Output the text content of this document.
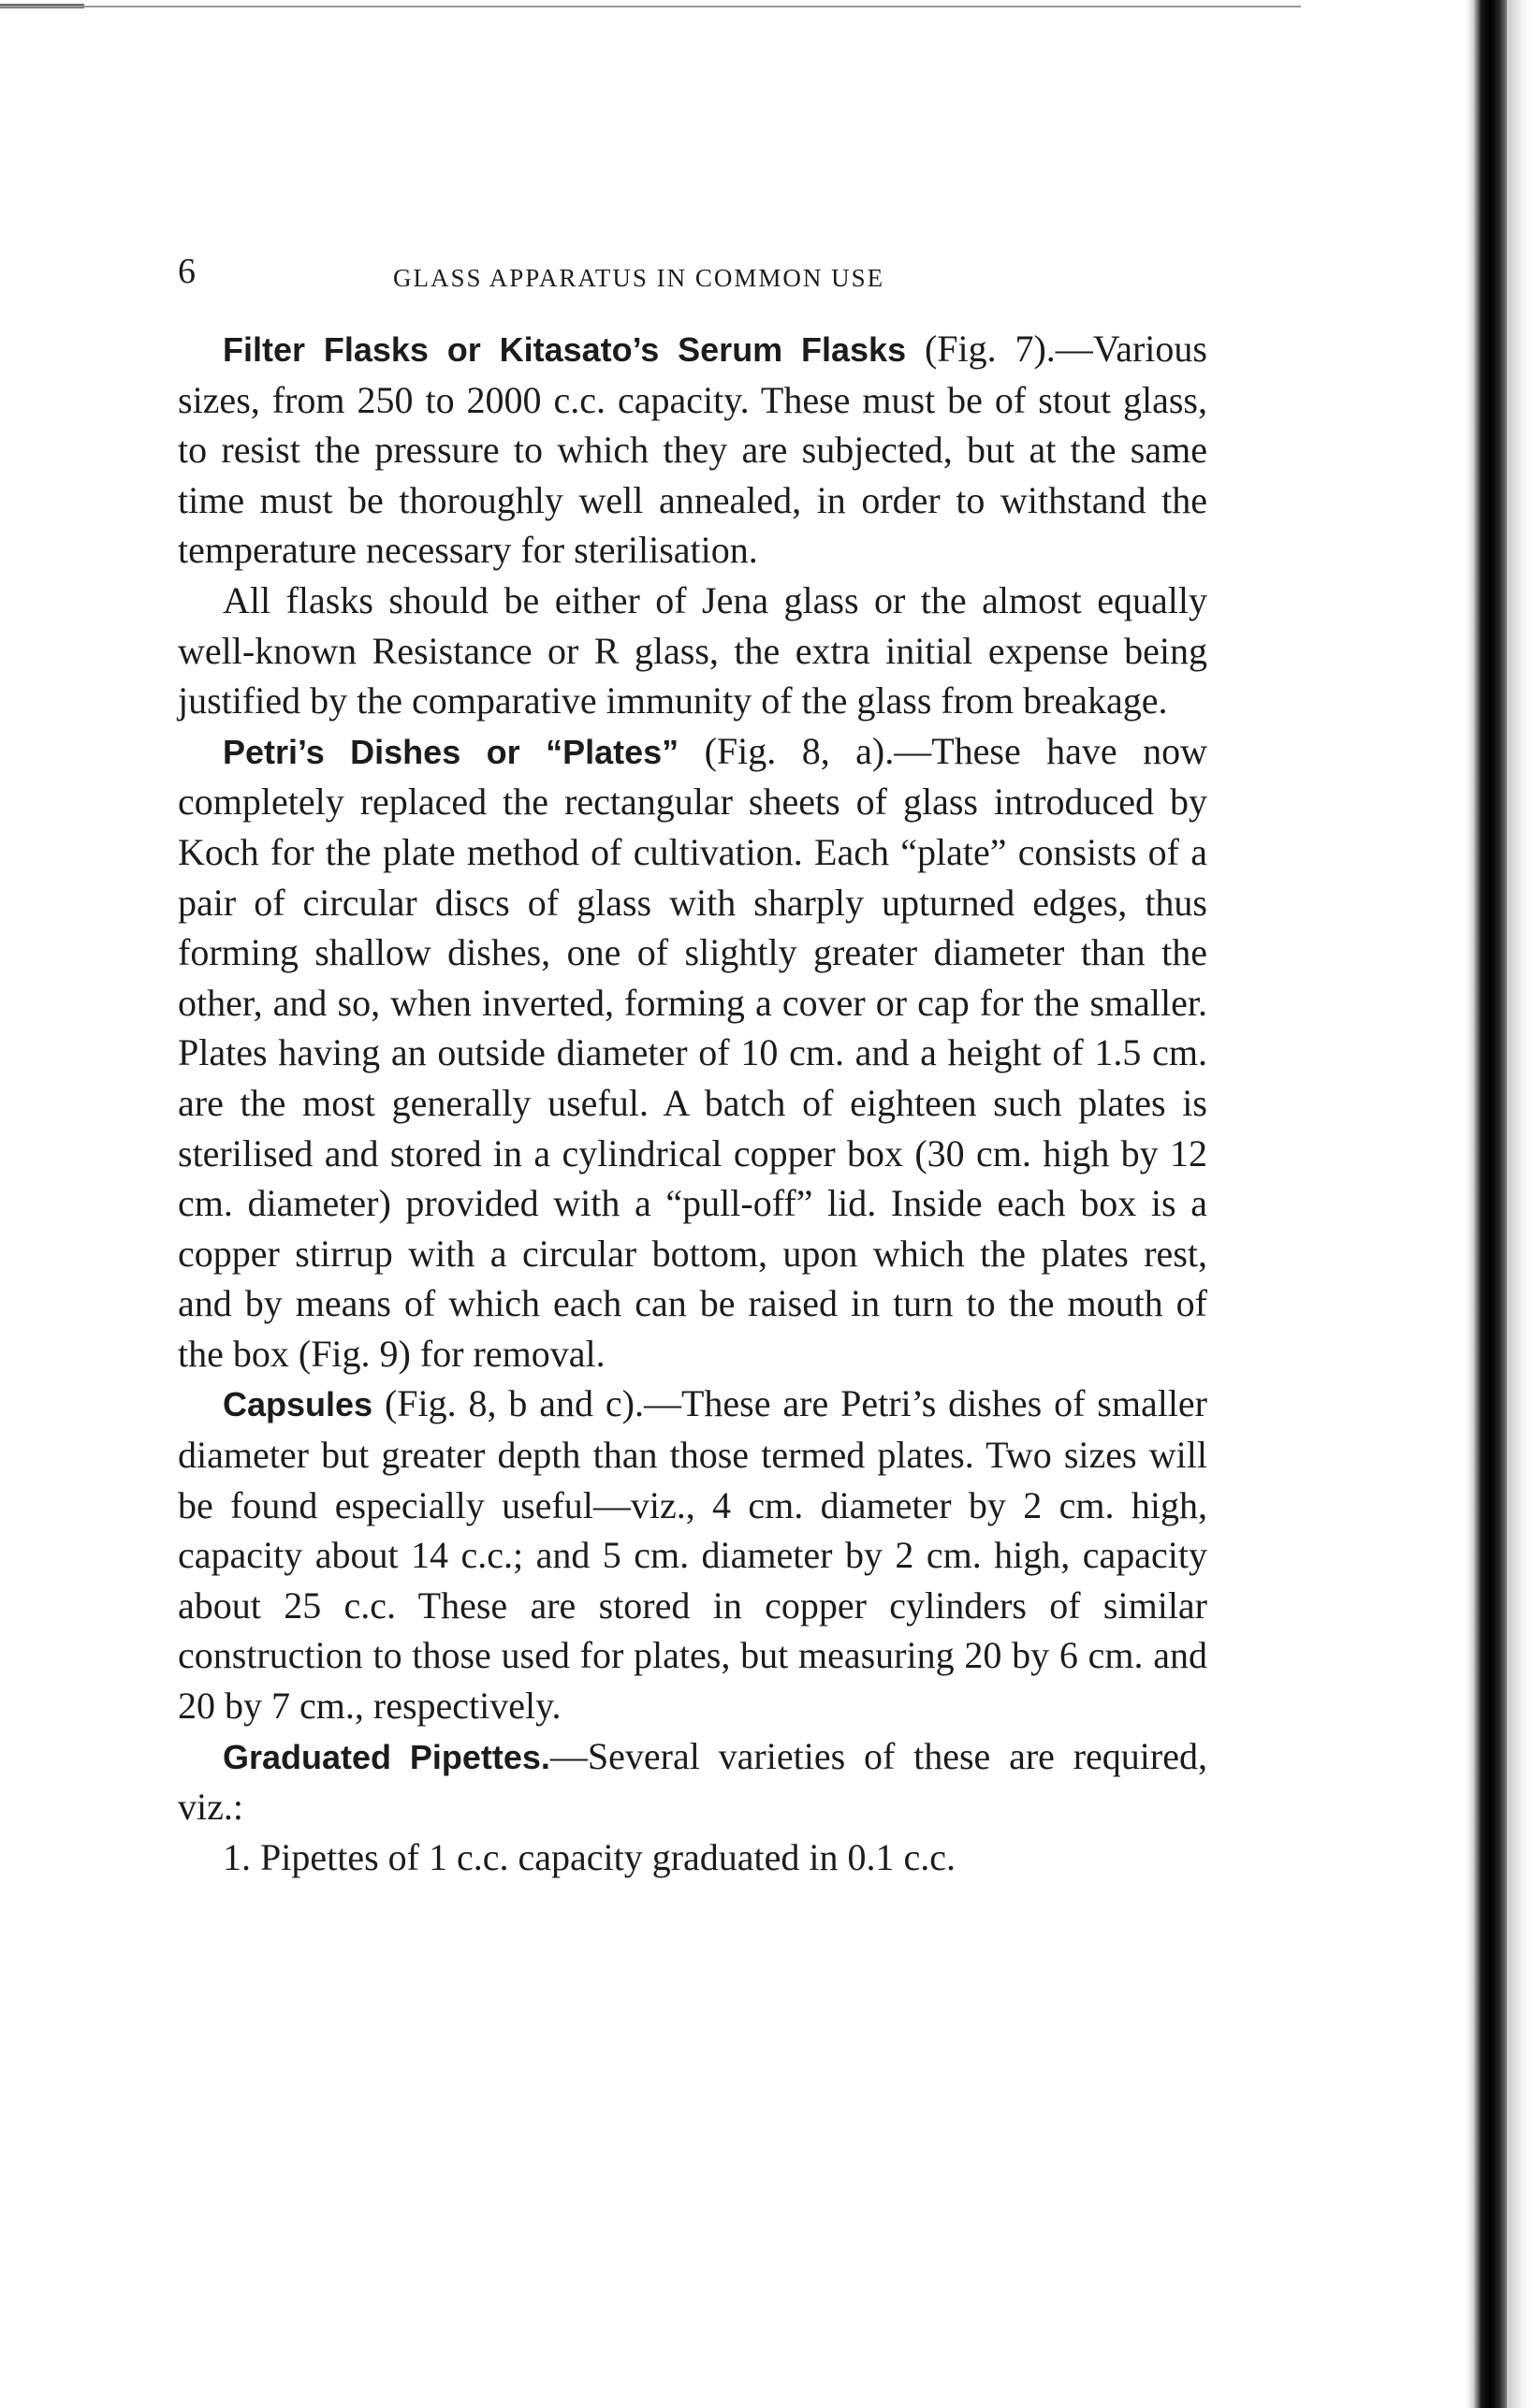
6	GLASS APPARATUS IN COMMON USE

Filter Flasks or Kitasato’s Serum Flasks (Fig. 7).—Various sizes, from 250 to 2000 c.c. capacity. These must be of stout glass, to resist the pressure to which they are subjected, but at the same time must be thoroughly well annealed, in order to withstand the temperature necessary for sterilisation.

All flasks should be either of Jena glass or the almost equally well-known Resistance or R glass, the extra initial expense being justified by the comparative immunity of the glass from breakage.

Petri’s Dishes or “Plates” (Fig. 8, a).—These have now completely replaced the rectangular sheets of glass introduced by Koch for the plate method of cultivation. Each “plate” consists of a pair of circular discs of glass with sharply upturned edges, thus forming shallow dishes, one of slightly greater diameter than the other, and so, when inverted, forming a cover or cap for the smaller. Plates having an outside diameter of 10 cm. and a height of 1.5 cm. are the most generally useful. A batch of eighteen such plates is sterilised and stored in a cylindrical copper box (30 cm. high by 12 cm. diameter) provided with a “pull-off” lid. Inside each box is a copper stirrup with a circular bottom, upon which the plates rest, and by means of which each can be raised in turn to the mouth of the box (Fig. 9) for removal.

Capsules (Fig. 8, b and c).—These are Petri’s dishes of smaller diameter but greater depth than those termed plates. Two sizes will be found especially useful—viz., 4 cm. diameter by 2 cm. high, capacity about 14 c.c.; and 5 cm. diameter by 2 cm. high, capacity about 25 c.c. These are stored in copper cylinders of similar construction to those used for plates, but measuring 20 by 6 cm. and 20 by 7 cm., respectively.

Graduated Pipettes.—Several varieties of these are required, viz.:

1. Pipettes of 1 c.c. capacity graduated in 0.1 c.c.
